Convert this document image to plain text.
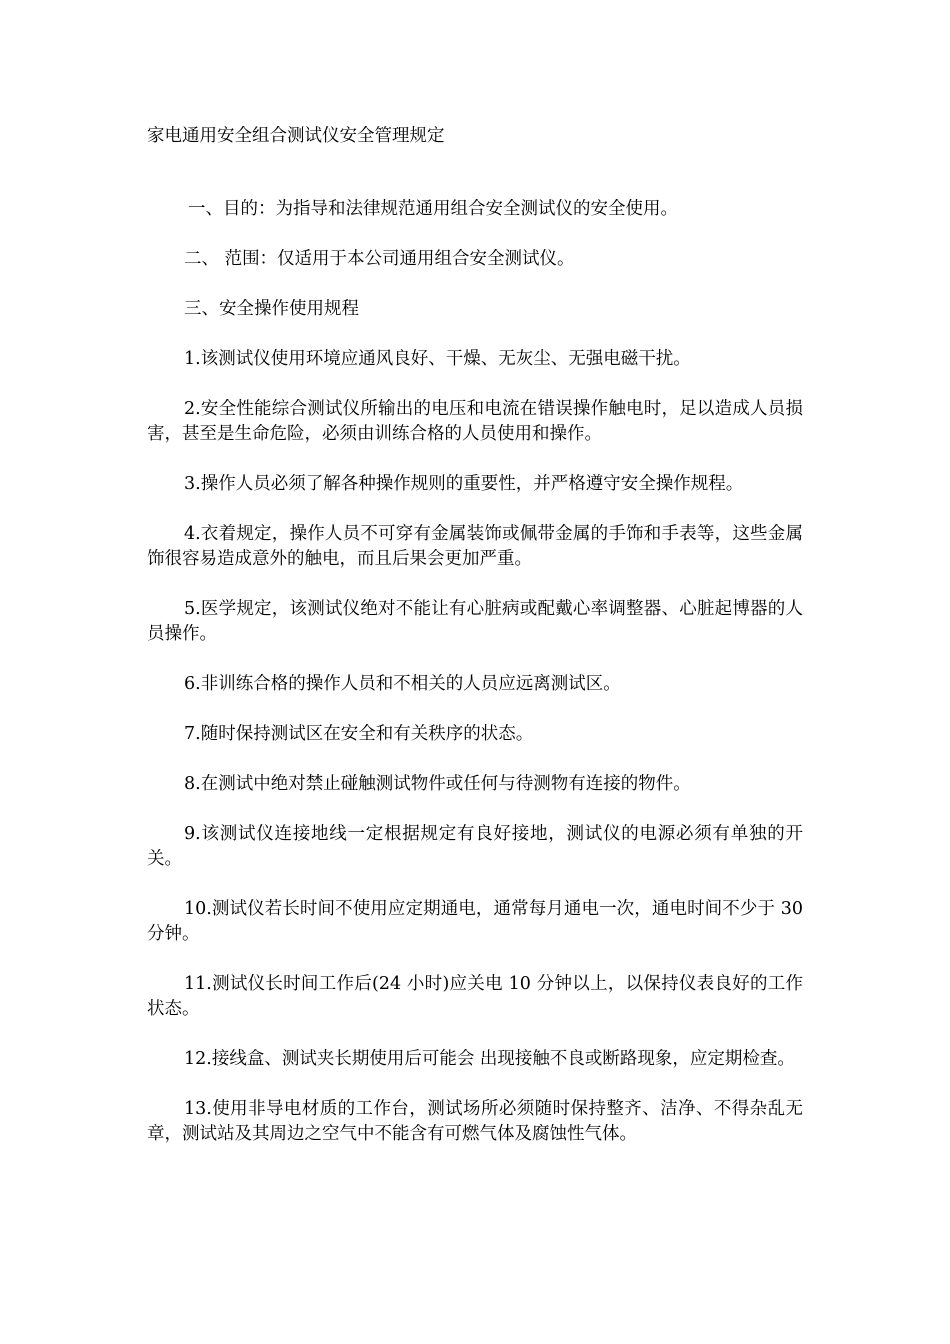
家电通用安全组合测试仪安全管理规定

一、目的：为指导和法律规范通用组合安全测试仪的安全使用。

二、 范围：仅适用于本公司通用组合安全测试仪。

三、安全操作使用规程

1.该测试仪使用环境应通风良好、干燥、无灰尘、无强电磁干扰。

2.安全性能综合测试仪所输出的电压和电流在错误操作触电时，足以造成人员损害，甚至是生命危险，必须由训练合格的人员使用和操作。

3.操作人员必须了解各种操作规则的重要性，并严格遵守安全操作规程。

4.衣着规定，操作人员不可穿有金属装饰或佩带金属的手饰和手表等，这些金属饰很容易造成意外的触电，而且后果会更加严重。

5.医学规定，该测试仪绝对不能让有心脏病或配戴心率调整器、心脏起博器的人员操作。

6.非训练合格的操作人员和不相关的人员应远离测试区。

7.随时保持测试区在安全和有关秩序的状态。

8.在测试中绝对禁止碰触测试物件或任何与待测物有连接的物件。

9.该测试仪连接地线一定根据规定有良好接地，测试仪的电源必须有单独的开关。

10.测试仪若长时间不使用应定期通电，通常每月通电一次，通电时间不少于 30 分钟。

11.测试仪长时间工作后(24 小时)应关电 10 分钟以上，以保持仪表良好的工作状态。

12.接线盒、测试夹长期使用后可能会 出现接触不良或断路现象，应定期检查。

13.使用非导电材质的工作台，测试场所必须随时保持整齐、洁净、不得杂乱无章，测试站及其周边之空气中不能含有可燃气体及腐蚀性气体。
